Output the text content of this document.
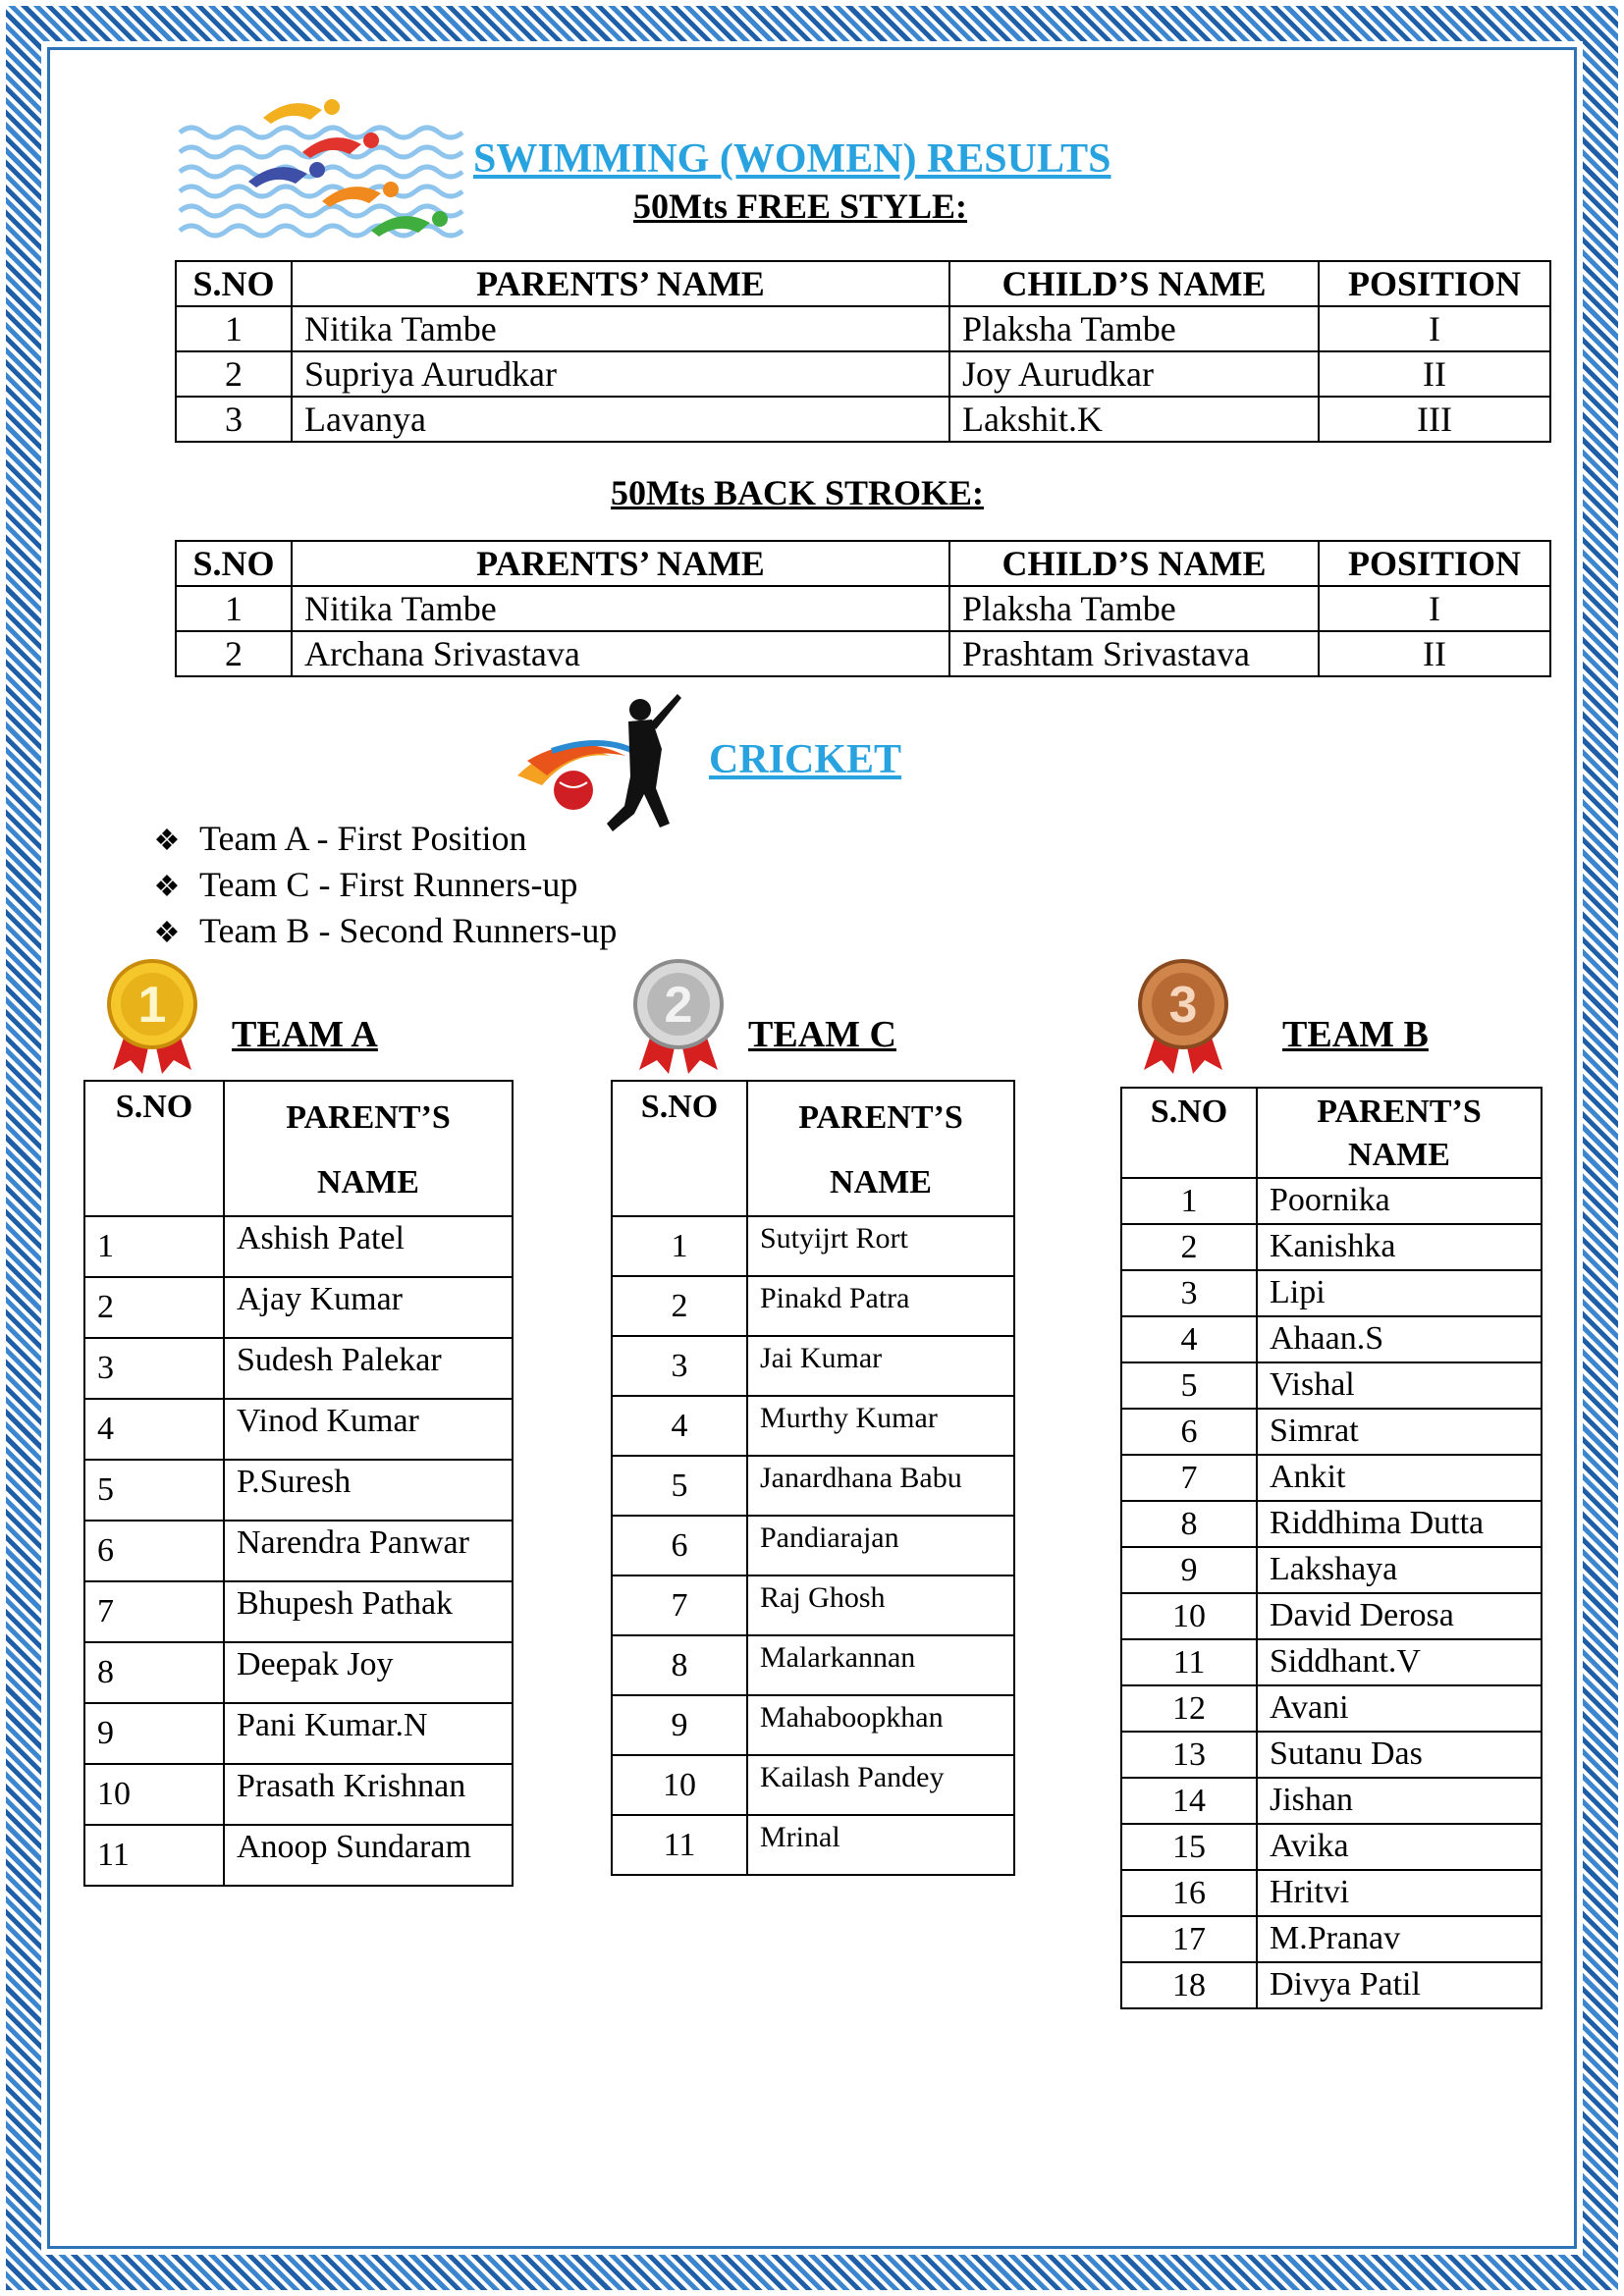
SWIMMING (WOMEN) RESULTS
50Mts FREE STYLE:
S.NO	PARENTS’ NAME	CHILD’S NAME	POSITION
1	Nitika Tambe	Plaksha Tambe	I
2	Supriya Aurudkar	Joy Aurudkar	II
3	Lavanya	Lakshit.K	III
50Mts BACK STROKE:
S.NO	PARENTS’ NAME	CHILD’S NAME	POSITION
1	Nitika Tambe	Plaksha Tambe	I
2	Archana Srivastava	Prashtam Srivastava	II
CRICKET
❖ Team A - First Position
❖ Team C - First Runners-up
❖ Team B - Second Runners-up
1	2	3
TEAM A	TEAM C	TEAM B
S.NO	PARENT’S
NAME
1	Ashish Patel
2	Ajay Kumar
3	Sudesh Palekar
4	Vinod Kumar
5	P.Suresh
6	Narendra Panwar
7	Bhupesh Pathak
8	Deepak Joy
9	Pani Kumar.N
10	Prasath Krishnan
11	Anoop Sundaram
S.NO	PARENT’S
NAME
1	Sutyijrt Rort
2	Pinakd Patra
3	Jai Kumar
4	Murthy Kumar
5	Janardhana Babu
6	Pandiarajan
7	Raj Ghosh
8	Malarkannan
9	Mahaboopkhan
10	Kailash Pandey
11	Mrinal
S.NO	PARENT’S
NAME
1	Poornika
2	Kanishka
3	Lipi
4	Ahaan.S
5	Vishal
6	Simrat
7	Ankit
8	Riddhima Dutta
9	Lakshaya
10	David Derosa
11	Siddhant.V
12	Avani
13	Sutanu Das
14	Jishan
15	Avika
16	Hritvi
17	M.Pranav
18	Divya Patil
